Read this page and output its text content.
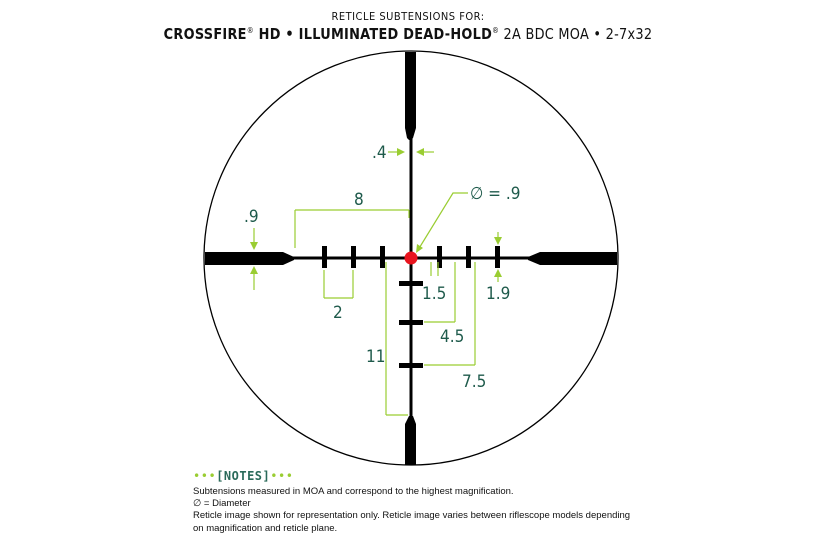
RETICLE SUBTENSIONS FOR:
CROSSFIRE® HD • ILLUMINATED DEAD-HOLD® 2A BDC MOA • 2-7x32
.4
∅ = .9
.9
8
2
1.5 1.9
4.5
7.5
11
•••[NOTES]•••
Subtensions measured in MOA and correspond to the highest magnification.
∅ = Diameter
Reticle image shown for representation only. Reticle image varies between riflescope models depending on magnification and reticle plane.
